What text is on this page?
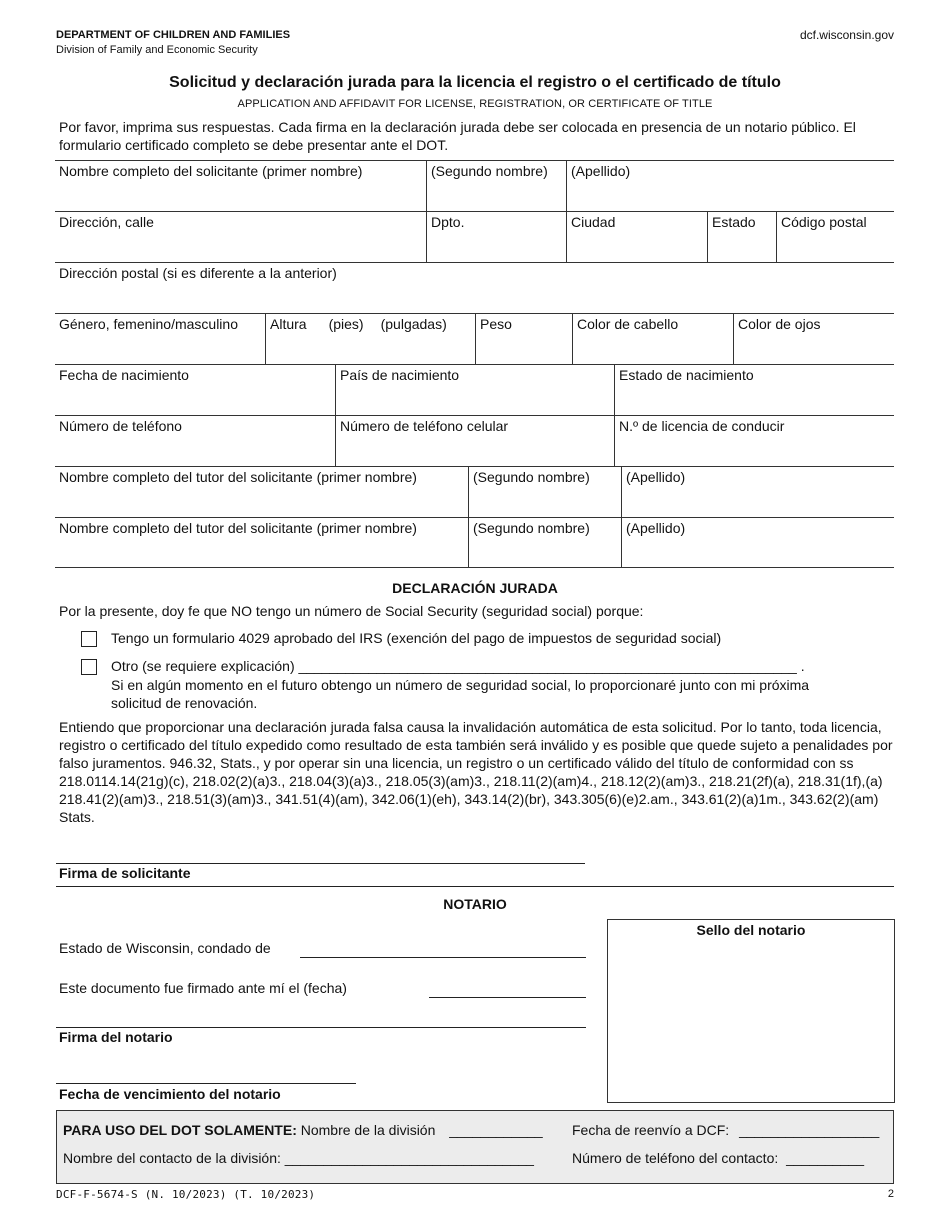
DEPARTMENT OF CHILDREN AND FAMILIES
Division of Family and Economic Security
dcf.wisconsin.gov
Solicitud y declaración jurada para la licencia el registro o el certificado de título
APPLICATION AND AFFIDAVIT FOR LICENSE, REGISTRATION, OR CERTIFICATE OF TITLE
Por favor, imprima sus respuestas. Cada firma en la declaración jurada debe ser colocada en presencia de un notario público. El formulario certificado completo se debe presentar ante el DOT.
Nombre completo del solicitante (primer nombre)	(Segundo nombre)	(Apellido)
Dirección, calle	Dpto.	Ciudad	Estado	Código postal
Dirección postal (si es diferente a la anterior)
Género, femenino/masculino	Altura (pies) (pulgadas)	Peso	Color de cabello	Color de ojos
Fecha de nacimiento	País de nacimiento	Estado de nacimiento
Número de teléfono	Número de teléfono celular	N.º de licencia de conducir
Nombre completo del tutor del solicitante (primer nombre)	(Segundo nombre)	(Apellido)
Nombre completo del tutor del solicitante (primer nombre)	(Segundo nombre)	(Apellido)
DECLARACIÓN JURADA
Por la presente, doy fe que NO tengo un número de Social Security (seguridad social) porque:
Tengo un formulario 4029 aprobado del IRS (exención del pago de impuestos de seguridad social)
Otro (se requiere explicación) ________________________________________________________________ .
Si en algún momento en el futuro obtengo un número de seguridad social, lo proporcionaré junto con mi próxima solicitud de renovación.
Entiendo que proporcionar una declaración jurada falsa causa la invalidación automática de esta solicitud. Por lo tanto, toda licencia, registro o certificado del título expedido como resultado de esta también será inválido y es posible que quede sujeto a penalidades por falso juramentos. 946.32, Stats., y por operar sin una licencia, un registro o un certificado válido del título de conformidad con ss 218.0114.14(21g)(c), 218.02(2)(a)3., 218.04(3)(a)3., 218.05(3)(am)3., 218.11(2)(am)4., 218.12(2)(am)3., 218.21(2f)(a), 218.31(1f),(a) 218.41(2)(am)3., 218.51(3)(am)3., 341.51(4)(am), 342.06(1)(eh), 343.14(2)(br), 343.305(6)(e)2.am., 343.61(2)(a)1m., 343.62(2)(am) Stats.
Firma de solicitante
NOTARIO
Estado de Wisconsin, condado de
Este documento fue firmado ante mí el (fecha)
Firma del notario
Fecha de vencimiento del notario
Sello del notario
PARA USO DEL DOT SOLAMENTE: Nombre de la división ____________ Fecha de reenvío a DCF: __________________
Nombre del contacto de la división: ________________________________	Número de teléfono del contacto: __________
DCF-F-5674-S (N. 10/2023) (T. 10/2023)	2
